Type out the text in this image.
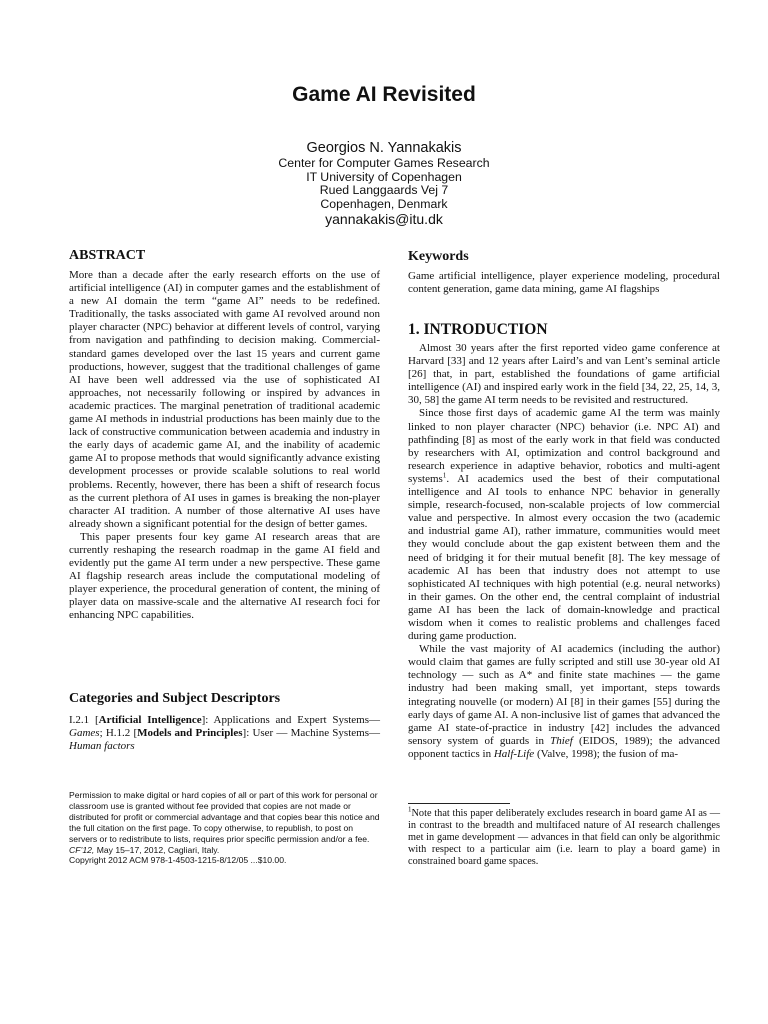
Game AI Revisited
Georgios N. Yannakakis
Center for Computer Games Research
IT University of Copenhagen
Rued Langgaards Vej 7
Copenhagen, Denmark
yannakakis@itu.dk
ABSTRACT

More than a decade after the early research efforts on the use of artificial intelligence (AI) in computer games and the establishment of a new AI domain the term “game AI” needs to be redefined. Traditionally, the tasks associated with game AI revolved around non player character (NPC) behavior at different levels of control, varying from navigation and pathfinding to decision making. Commercial-standard games developed over the last 15 years and current game productions, however, suggest that the traditional challenges of game AI have been well addressed via the use of sophisticated AI approaches, not necessarily following or inspired by advances in academic practices. The marginal penetration of traditional academic game AI methods in industrial productions has been mainly due to the lack of constructive communication between academia and industry in the early days of academic game AI, and the inability of academic game AI to propose methods that would significantly advance existing development processes or provide scalable solutions to real world problems. Recently, however, there has been a shift of research focus as the current plethora of AI uses in games is breaking the non-player character AI tradition. A number of those alternative AI uses have already shown a significant potential for the design of better games.

This paper presents four key game AI research areas that are currently reshaping the research roadmap in the game AI field and evidently put the game AI term under a new perspective. These game AI flagship research areas include the computational modeling of player experience, the procedural generation of content, the mining of player data on massive-scale and the alternative AI research foci for enhancing NPC capabilities.

Categories and Subject Descriptors
I.2.1 [Artificial Intelligence]: Applications and Expert Systems—Games; H.1.2 [Models and Principles]: User — Machine Systems—Human factors
Permission to make digital or hard copies of all or part of this work for personal or classroom use is granted without fee provided that copies are not made or distributed for profit or commercial advantage and that copies bear this notice and the full citation on the first page. To copy otherwise, to republish, to post on servers or to redistribute to lists, requires prior specific permission and/or a fee.
CF’12, May 15–17, 2012, Cagliari, Italy.
Copyright 2012 ACM 978-1-4503-1215-8/12/05 ...$10.00.
Keywords
Game artificial intelligence, player experience modeling, procedural content generation, game data mining, game AI flagships
1. INTRODUCTION

Almost 30 years after the first reported video game conference at Harvard [33] and 12 years after Laird’s and van Lent’s seminal article [26] that, in part, established the foundations of game artificial intelligence (AI) and inspired early work in the field [34, 22, 25, 14, 3, 30, 58] the game AI term needs to be revisited and restructured.

Since those first days of academic game AI the term was mainly linked to non player character (NPC) behavior (i.e. NPC AI) and pathfinding [8] as most of the early work in that field was conducted by researchers with AI, optimization and control background and research experience in adaptive behavior, robotics and multi-agent systems$^1$. AI academics used the best of their computational intelligence and AI tools to enhance NPC behavior in generally simple, research-focused, non-scalable projects of low commercial value and perspective. In almost every occasion the two (academic and industrial game AI), rather immature, communities would meet they would conclude about the gap existent between them and the need of bridging it for their mutual benefit [8]. The key message of academic AI has been that industry does not attempt to use sophisticated AI techniques with high potential (e.g. neural networks) in their games. On the other end, the central complaint of industrial game AI has been the lack of domain-knowledge and practical wisdom when it comes to realistic problems and challenges faced during game production.

While the vast majority of AI academics (including the author) would claim that games are fully scripted and still use 30-year old AI technology — such as A* and finite state machines — the game industry had been making small, yet important, steps towards integrating nouvelle (or modern) AI [8] in their games [55] during the early days of game AI. A non-inclusive list of games that advanced the game AI state-of-practice in industry [42] includes the advanced sensory system of guards in Thief (EIDOS, 1989); the advanced opponent tactics in Half-Life (Valve, 1998); the fusion of ma-

$^1$Note that this paper deliberately excludes research in board game AI as — in contrast to the breadth and multifaced nature of AI research challenges met in game development — advances in that field can only be algorithmic with respect to a particular aim (i.e. learn to play a board game) in constrained board game spaces.
